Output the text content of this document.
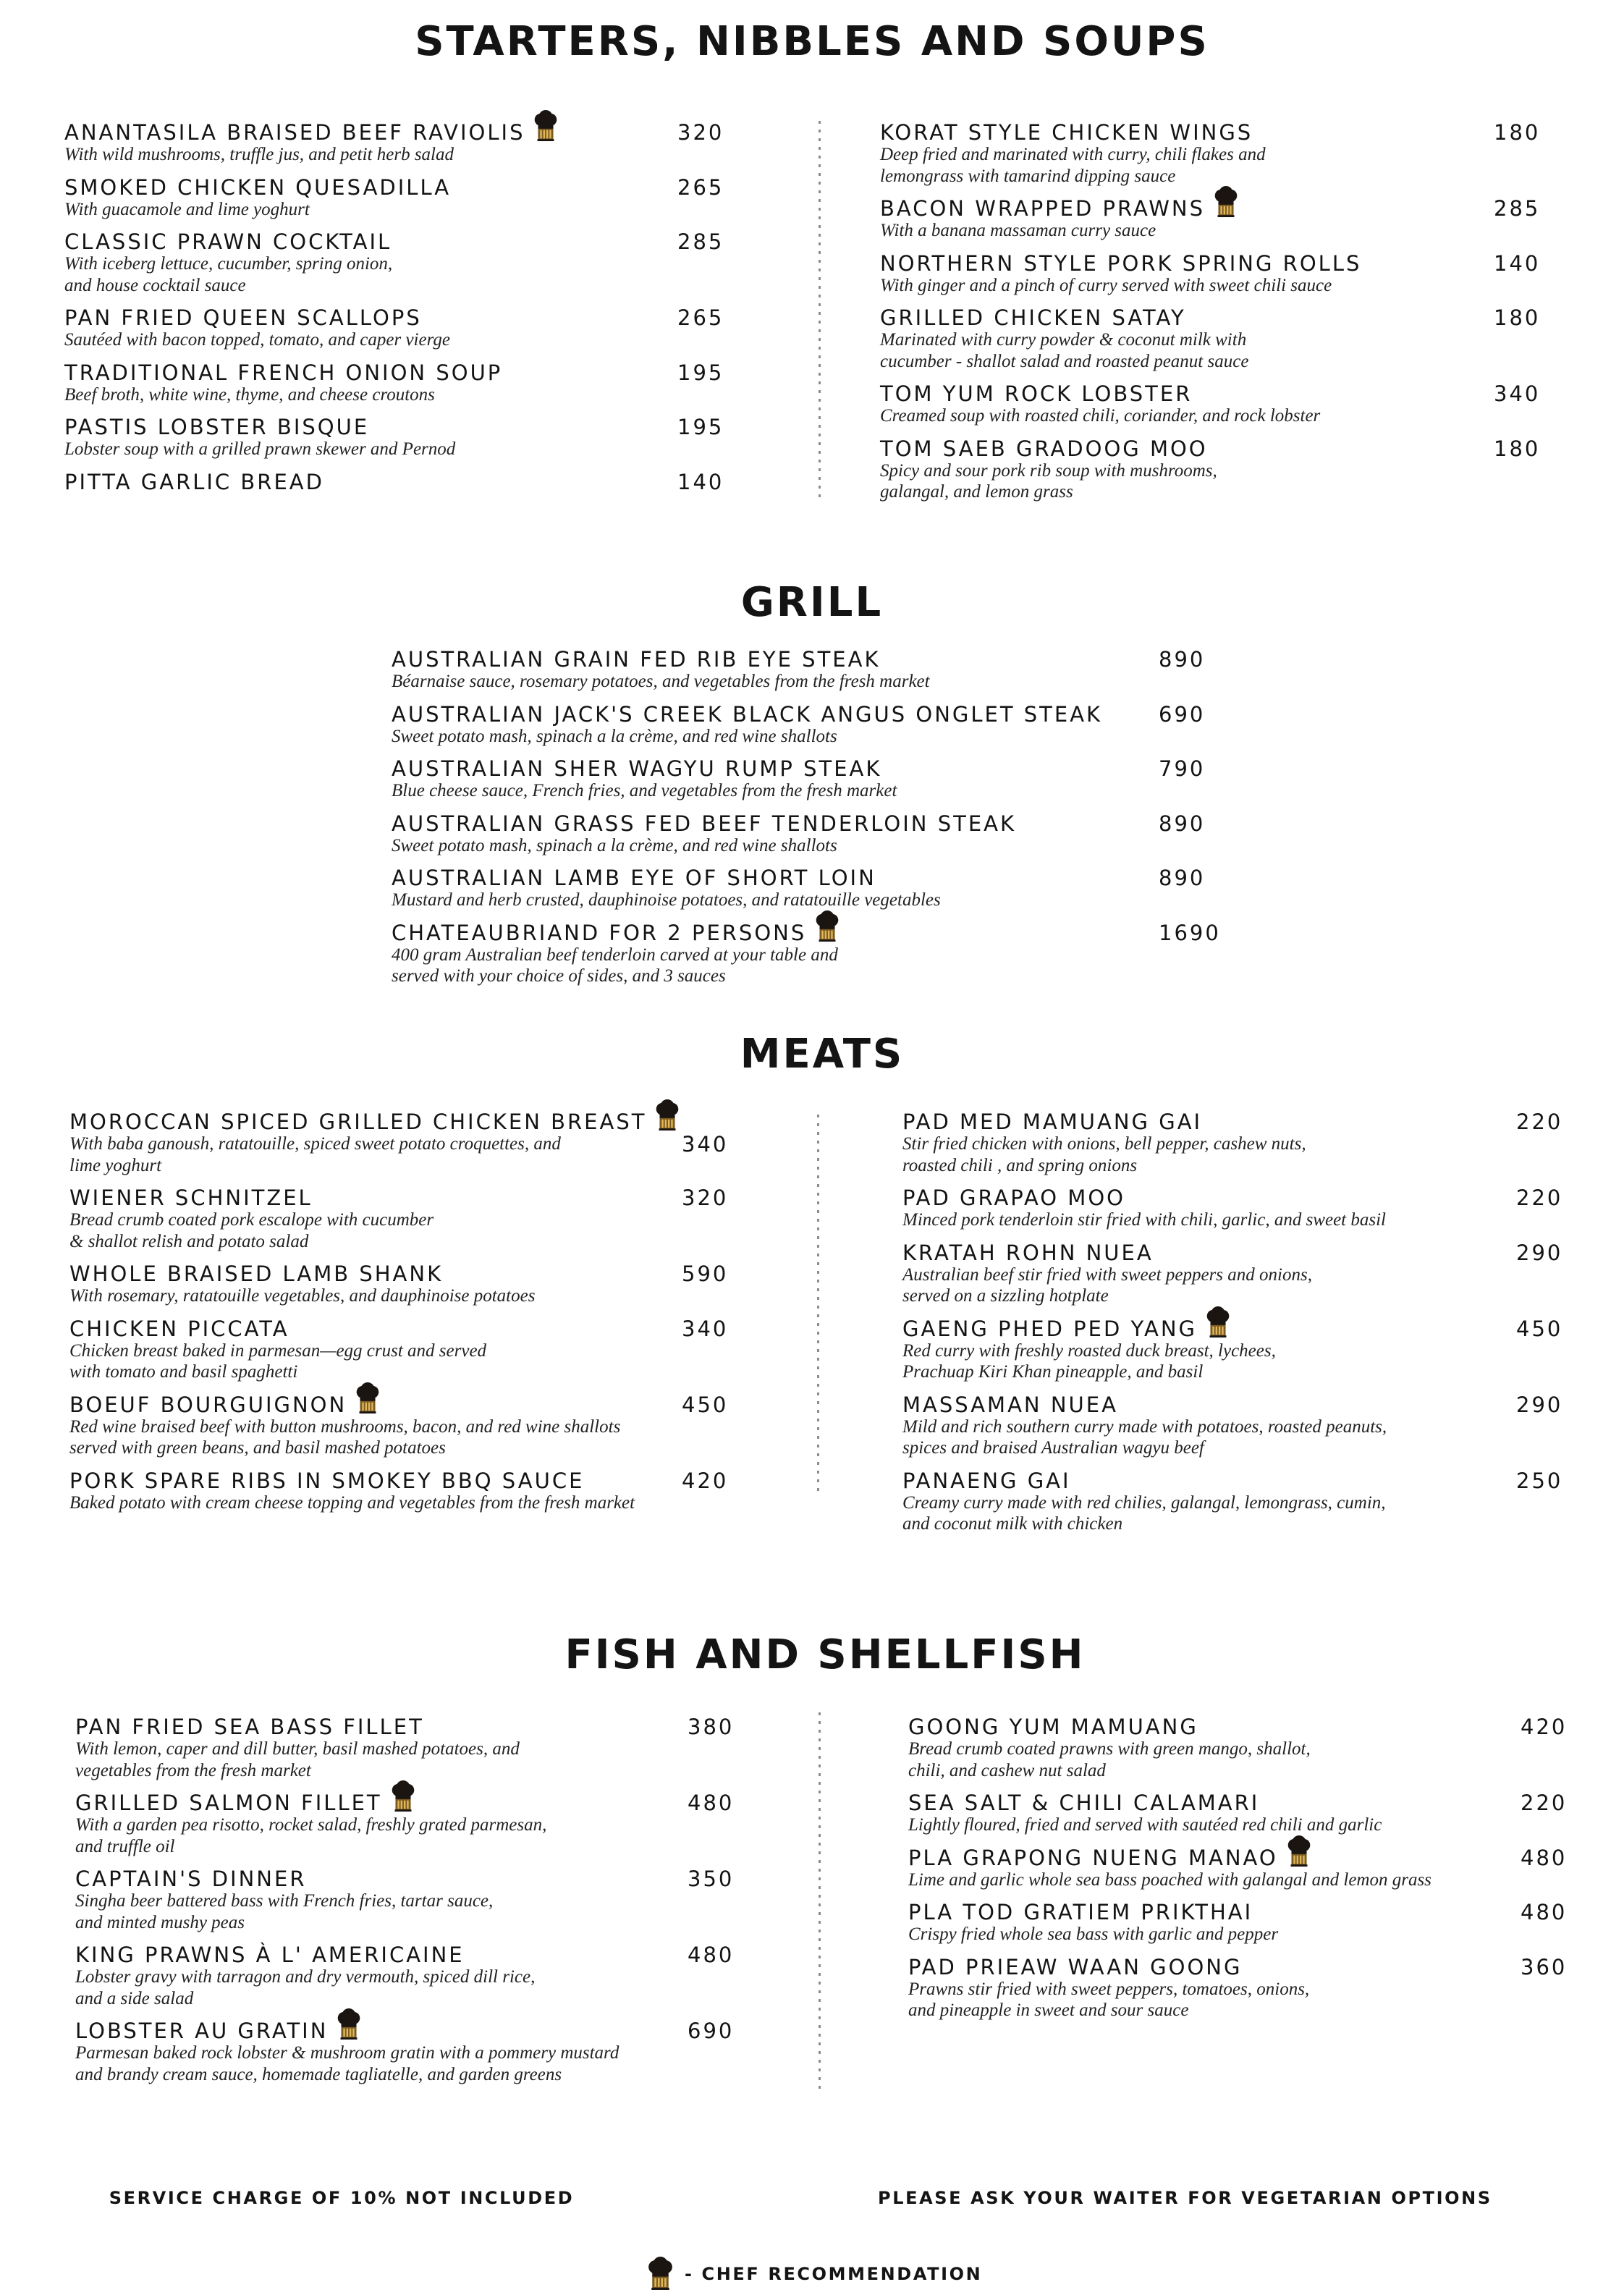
STARTERS, NIBBLES AND SOUPS
ANANTASILA BRAISED BEEF RAVIOLIS	320
With wild mushrooms, truffle jus, and petit herb salad
SMOKED CHICKEN QUESADILLA	265
With guacamole and lime yoghurt
CLASSIC PRAWN COCKTAIL	285
With iceberg lettuce, cucumber, spring onion,
and house cocktail sauce
PAN FRIED QUEEN SCALLOPS	265
Sautéed with bacon topped, tomato, and caper vierge
TRADITIONAL FRENCH ONION SOUP	195
Beef broth, white wine, thyme, and cheese croutons
PASTIS LOBSTER BISQUE	195
Lobster soup with a grilled prawn skewer and Pernod
PITTA GARLIC BREAD	140
KORAT STYLE CHICKEN WINGS	180
Deep fried and marinated with curry, chili flakes and
lemongrass with tamarind dipping sauce
BACON WRAPPED PRAWNS	285
With a banana massaman curry sauce
NORTHERN STYLE PORK SPRING ROLLS	140
With ginger and a pinch of curry served with sweet chili sauce
GRILLED CHICKEN SATAY	180
Marinated with curry powder & coconut milk with
cucumber - shallot salad and roasted peanut sauce
TOM YUM ROCK LOBSTER	340
Creamed soup with roasted chili, coriander, and rock lobster
TOM SAEB GRADOOG MOO	180
Spicy and sour pork rib soup with mushrooms,
galangal, and lemon grass
GRILL
AUSTRALIAN GRAIN FED RIB EYE STEAK	890
Béarnaise sauce, rosemary potatoes, and vegetables from the fresh market
AUSTRALIAN JACK'S CREEK BLACK ANGUS ONGLET STEAK	690
Sweet potato mash, spinach a la crème, and red wine shallots
AUSTRALIAN SHER WAGYU RUMP STEAK	790
Blue cheese sauce, French fries, and vegetables from the fresh market
AUSTRALIAN GRASS FED BEEF TENDERLOIN STEAK	890
Sweet potato mash, spinach a la crème, and red wine shallots
AUSTRALIAN LAMB EYE OF SHORT LOIN	890
Mustard and herb crusted, dauphinoise potatoes, and ratatouille vegetables
CHATEAUBRIAND FOR 2 PERSONS	1690
400 gram Australian beef tenderloin carved at your table and
served with your choice of sides, and 3 sauces
MEATS
MOROCCAN SPICED GRILLED CHICKEN BREAST
340
With baba ganoush, ratatouille, spiced sweet potato croquettes, and
lime yoghurt
WIENER SCHNITZEL	320
Bread crumb coated pork escalope with cucumber
& shallot relish and potato salad
WHOLE BRAISED LAMB SHANK	590
With rosemary, ratatouille vegetables, and dauphinoise potatoes
CHICKEN PICCATA	340
Chicken breast baked in parmesan—egg crust and served
with tomato and basil spaghetti
BOEUF BOURGUIGNON	450
Red wine braised beef with button mushrooms, bacon, and red wine shallots
served with green beans, and basil mashed potatoes
PORK SPARE RIBS IN SMOKEY BBQ SAUCE	420
Baked potato with cream cheese topping and vegetables from the fresh market
PAD MED MAMUANG GAI	220
Stir fried chicken with onions, bell pepper, cashew nuts,
roasted chili , and spring onions
PAD GRAPAO MOO	220
Minced pork tenderloin stir fried with chili, garlic, and sweet basil
KRATAH ROHN NUEA	290
Australian beef stir fried with sweet peppers and onions,
served on a sizzling hotplate
GAENG PHED PED YANG	450
Red curry with freshly roasted duck breast, lychees,
Prachuap Kiri Khan pineapple, and basil
MASSAMAN NUEA	290
Mild and rich southern curry made with potatoes, roasted peanuts,
spices and braised Australian wagyu beef
PANAENG GAI	250
Creamy curry made with red chilies, galangal, lemongrass, cumin,
and coconut milk with chicken
FISH AND SHELLFISH
PAN FRIED SEA BASS FILLET	380
With lemon, caper and dill butter, basil mashed potatoes, and
vegetables from the fresh market
GRILLED SALMON FILLET	480
With a garden pea risotto, rocket salad, freshly grated parmesan,
and truffle oil
CAPTAIN'S DINNER	350
Singha beer battered bass with French fries, tartar sauce,
and minted mushy peas
KING PRAWNS À L' AMERICAINE	480
Lobster gravy with tarragon and dry vermouth, spiced dill rice,
and a side salad
LOBSTER AU GRATIN	690
Parmesan baked rock lobster & mushroom gratin with a pommery mustard
and brandy cream sauce, homemade tagliatelle, and garden greens
GOONG YUM MAMUANG	420
Bread crumb coated prawns with green mango, shallot,
chili, and cashew nut salad
SEA SALT & CHILI CALAMARI	220
Lightly floured, fried and served with sautéed red chili and garlic
PLA GRAPONG NUENG MANAO	480
Lime and garlic whole sea bass poached with galangal and lemon grass
PLA TOD GRATIEM PRIKTHAI	480
Crispy fried whole sea bass with garlic and pepper
PAD PRIEAW WAAN GOONG	360
Prawns stir fried with sweet peppers, tomatoes, onions,
and pineapple in sweet and sour sauce
SERVICE CHARGE OF 10% NOT INCLUDED	PLEASE ASK YOUR WAITER FOR VEGETARIAN OPTIONS
- CHEF RECOMMENDATION
